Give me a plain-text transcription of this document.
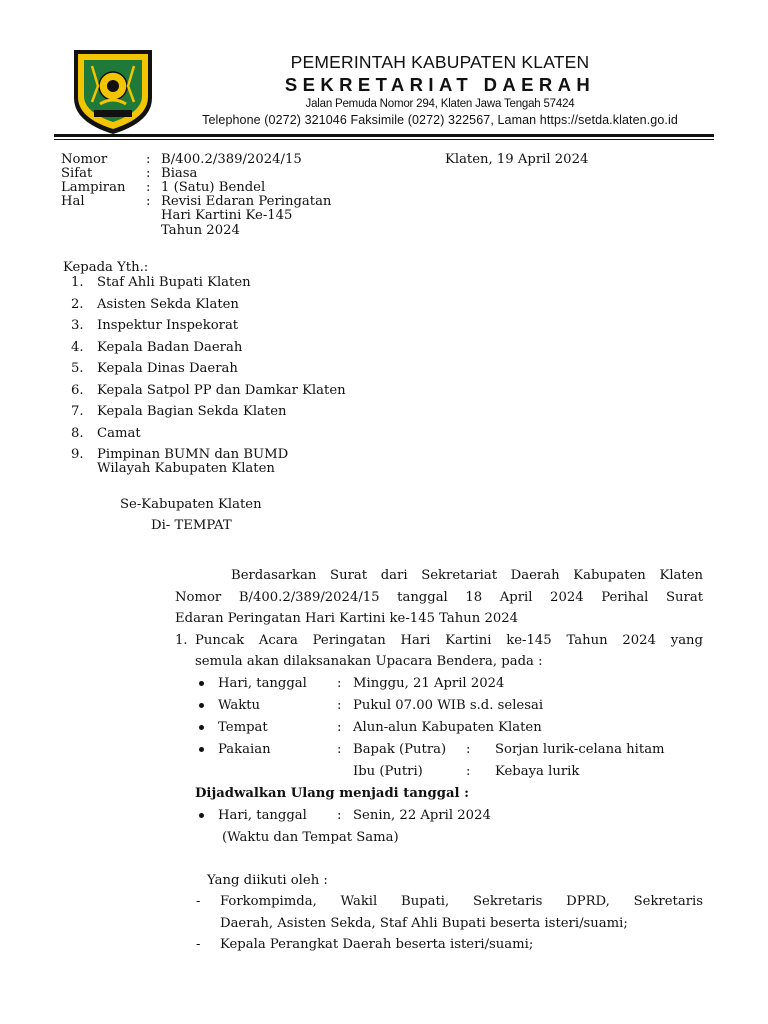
PEMERINTAH KABUPATEN KLATEN
SEKRETARIAT DAERAH
Jalan Pemuda Nomor 294, Klaten Jawa Tengah 57424
Telephone (0272) 321046 Faksimile (0272) 322567, Laman https://setda.klaten.go.id
Nomor	: B/400.2/389/2024/15	Klaten, 19 April 2024
Sifat	: Biasa
Lampiran : 1 (Satu) Bendel
Hal	: Revisi Edaran Peringatan
Hari Kartini Ke-145
Tahun 2024
Kepada Yth.:
1. Staf Ahli Bupati Klaten
2. Asisten Sekda Klaten
3. Inspektur Inspekorat
4. Kepala Badan Daerah
5. Kepala Dinas Daerah
6. Kepala Satpol PP dan Damkar Klaten
7. Kepala Bagian Sekda Klaten
8. Camat
9. Pimpinan BUMN dan BUMD
Wilayah Kabupaten Klaten
Se-Kabupaten Klaten
Di- TEMPAT
Berdasarkan Surat dari Sekretariat Daerah Kabupaten Klaten
Nomor B/400.2/389/2024/15 tanggal 18 April 2024 Perihal Surat
Edaran Peringatan Hari Kartini ke-145 Tahun 2024
1. Puncak Acara Peringatan Hari Kartini ke-145 Tahun 2024 yang
semula akan dilaksanakan Upacara Bendera, pada :
Hari, tanggal : Minggu, 21 April 2024
Waktu	: Pukul 07.00 WIB s.d. selesai
Tempat	: Alun-alun Kabupaten Klaten
Pakaian	: Bapak (Putra) : Sorjan lurik-celana hitam
Ibu (Putri)	: Kebaya lurik
Dijadwalkan Ulang menjadi tanggal :
Hari, tanggal : Senin, 22 April 2024
(Waktu dan Tempat Sama)
Yang diikuti oleh :
- Forkompimda, Wakil Bupati, Sekretaris DPRD, Sekretaris
Daerah, Asisten Sekda, Staf Ahli Bupati beserta isteri/suami;
- Kepala Perangkat Daerah beserta isteri/suami;
